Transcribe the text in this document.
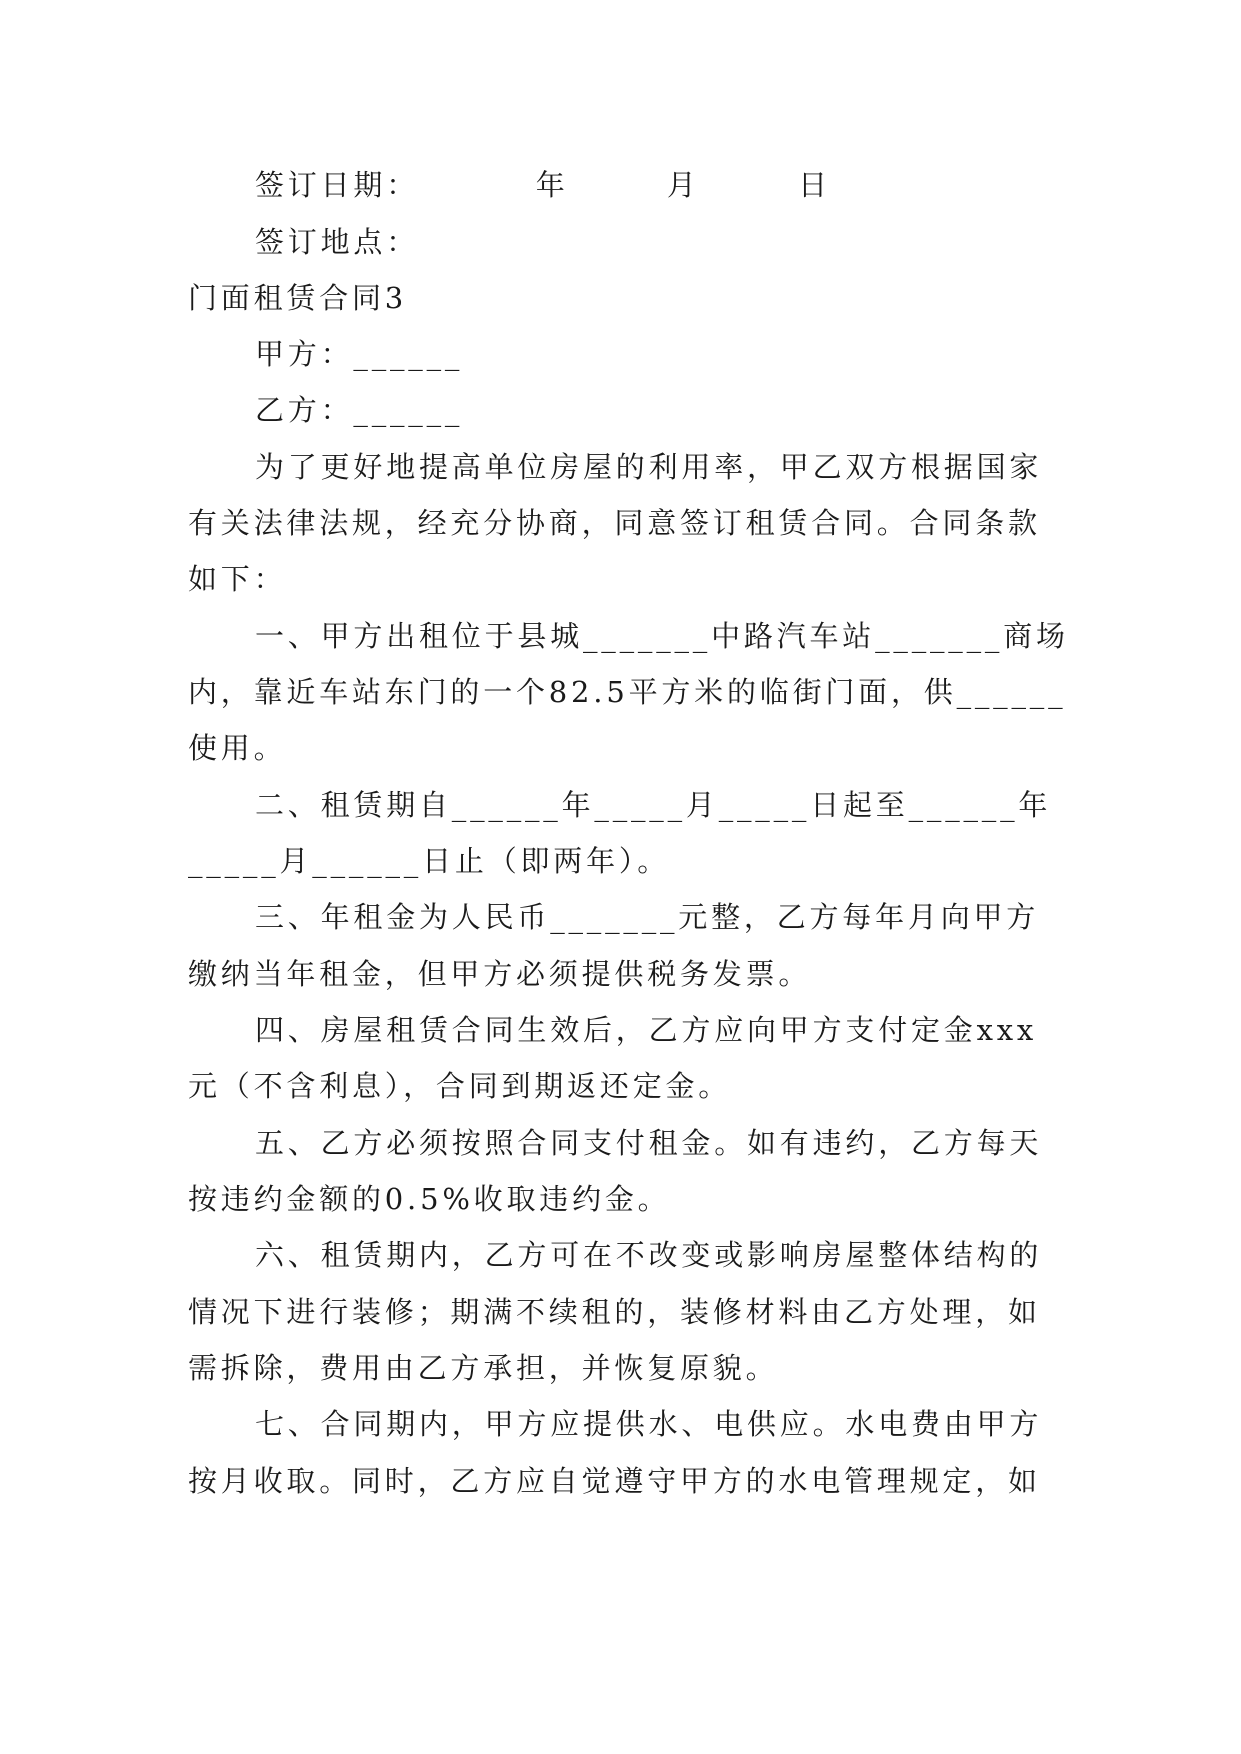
签订日期：　　　　年　　　月　　　日
签订地点：
门面租赁合同3
甲方：______
乙方：______
为了更好地提高单位房屋的利用率，甲乙双方根据国家
有关法律法规，经充分协商，同意签订租赁合同。合同条款
如下：
一、甲方出租位于县城_______中路汽车站_______商场
内，靠近车站东门的一个82.5平方米的临街门面，供______
使用。
二、租赁期自______年_____月_____日起至______年
_____月______日止（即两年）。
三、年租金为人民币_______元整，乙方每年月向甲方
缴纳当年租金，但甲方必须提供税务发票。
四、房屋租赁合同生效后，乙方应向甲方支付定金xxx
元（不含利息），合同到期返还定金。
五、乙方必须按照合同支付租金。如有违约，乙方每天
按违约金额的0.5%收取违约金。
六、租赁期内，乙方可在不改变或影响房屋整体结构的
情况下进行装修；期满不续租的，装修材料由乙方处理，如
需拆除，费用由乙方承担，并恢复原貌。
七、合同期内，甲方应提供水、电供应。水电费由甲方
按月收取。同时，乙方应自觉遵守甲方的水电管理规定，如
